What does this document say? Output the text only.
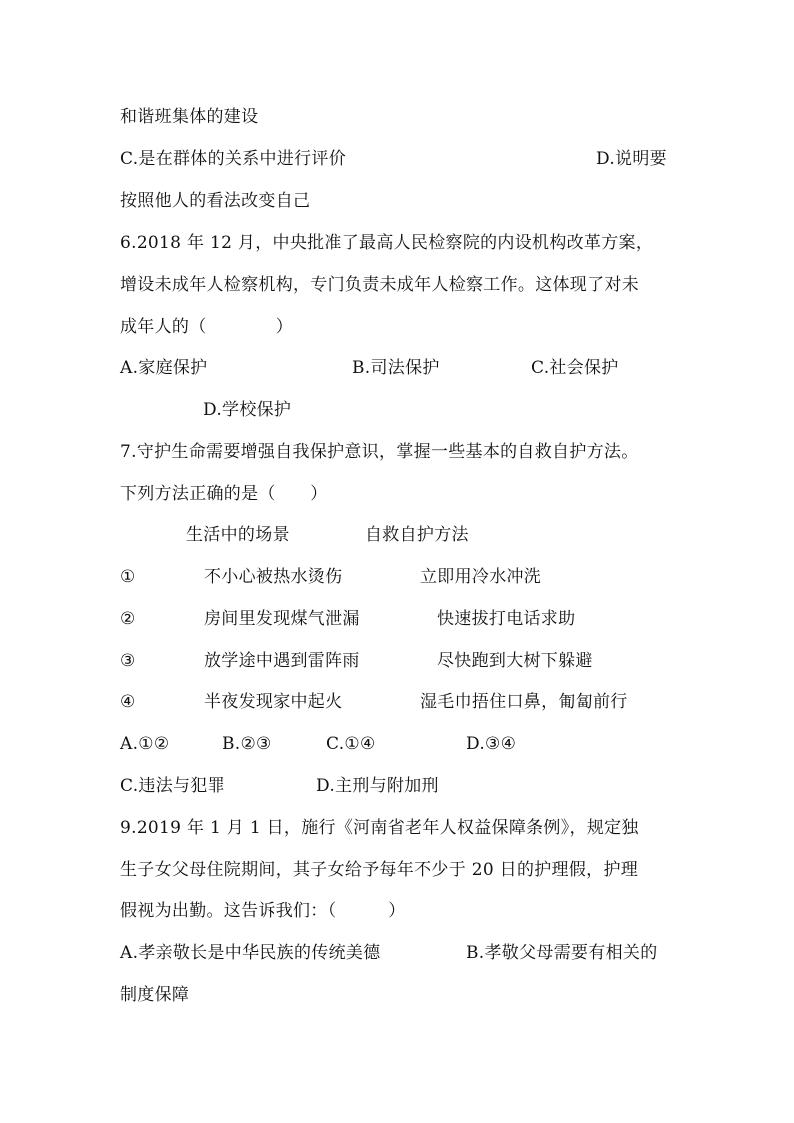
和谐班集体的建设
C.是在群体的关系中进行评价	D.说明要
按照他人的看法改变自己
6.2018 年 12 月，中央批准了最高人民检察院的内设机构改革方案，
增设未成年人检察机构，专门负责未成年人检察工作。这体现了对未
成年人的（　　　　）
A.家庭保护	B.司法保护	C.社会保护
D.学校保护
7.守护生命需要增强自我保护意识，掌握一些基本的自救自护方法。
下列方法正确的是（　　）
生活中的场景	自救自护方法
①	不小心被热水烫伤	立即用冷水冲洗
②	房间里发现煤气泄漏	快速拔打电话求助
③	放学途中遇到雷阵雨	尽快跑到大树下躲避
④	半夜发现家中起火	湿毛巾捂住口鼻，匍匐前行
A.①②	B.②③	C.①④	D.③④
C.违法与犯罪	D.主刑与附加刑
9.2019 年 1 月 1 日，施行《河南省老年人权益保障条例》，规定独
生子女父母住院期间，其子女给予每年不少于 20 日的护理假，护理
假视为出勤。这告诉我们：（　　　）
A.孝亲敬长是中华民族的传统美德	B.孝敬父母需要有相关的
制度保障
